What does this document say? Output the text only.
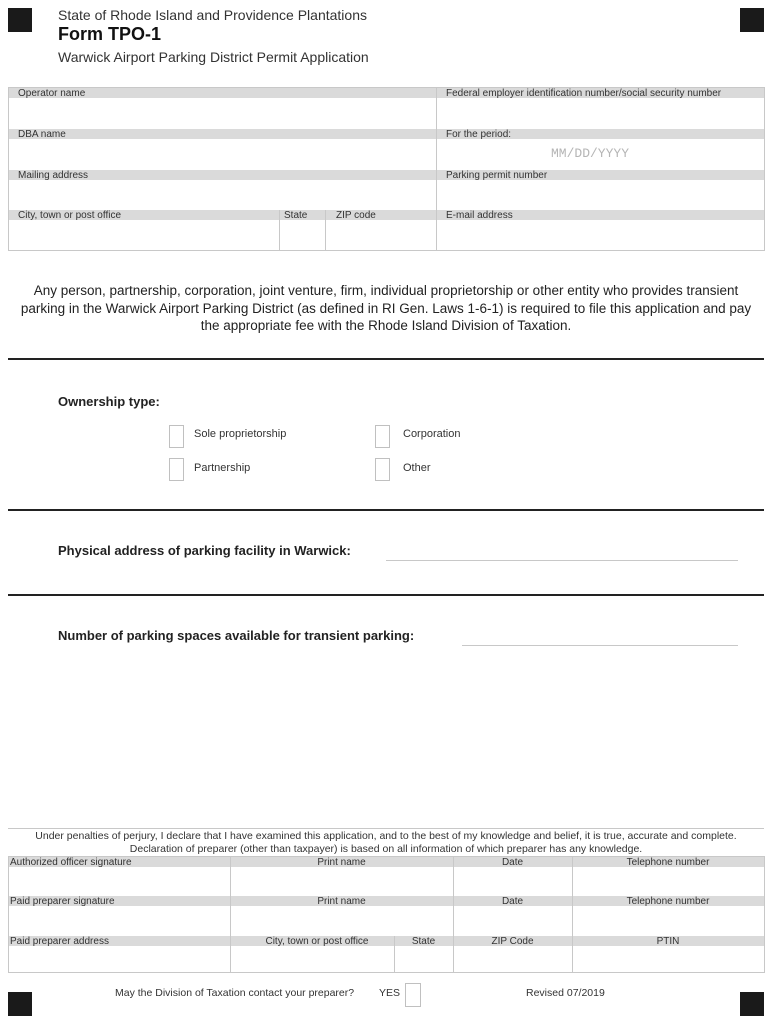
State of Rhode Island and Providence Plantations
Form TPO-1
Warwick Airport Parking District Permit Application
Operator name	Federal employer identification number/social security number
DBA name	For the period:
Mailing address	Parking permit number
City, town or post office	State	ZIP code	E-mail address
MM/DD/YYYY
Any person, partnership, corporation, joint venture, firm, individual proprietorship or other entity who provides transient parking in the Warwick Airport Parking District (as defined in RI Gen. Laws 1-6-1) is required to file this application and pay the appropriate fee with the Rhode Island Division of Taxation.
Ownership type:
Sole proprietorship	Corporation
Partnership	Other
Physical address of parking facility in Warwick:
Number of parking spaces available for transient parking:
Under penalties of perjury, I declare that I have examined this application, and to the best of my knowledge and belief, it is true, accurate and complete.
Declaration of preparer (other than taxpayer) is based on all information of which preparer has any knowledge.
Authorized officer signature	Print name	Date	Telephone number
Paid preparer signature	Print name	Date	Telephone number
Paid preparer address	City, town or post office	State	ZIP Code	PTIN
May the Division of Taxation contact your preparer? YES	Revised 07/2019
